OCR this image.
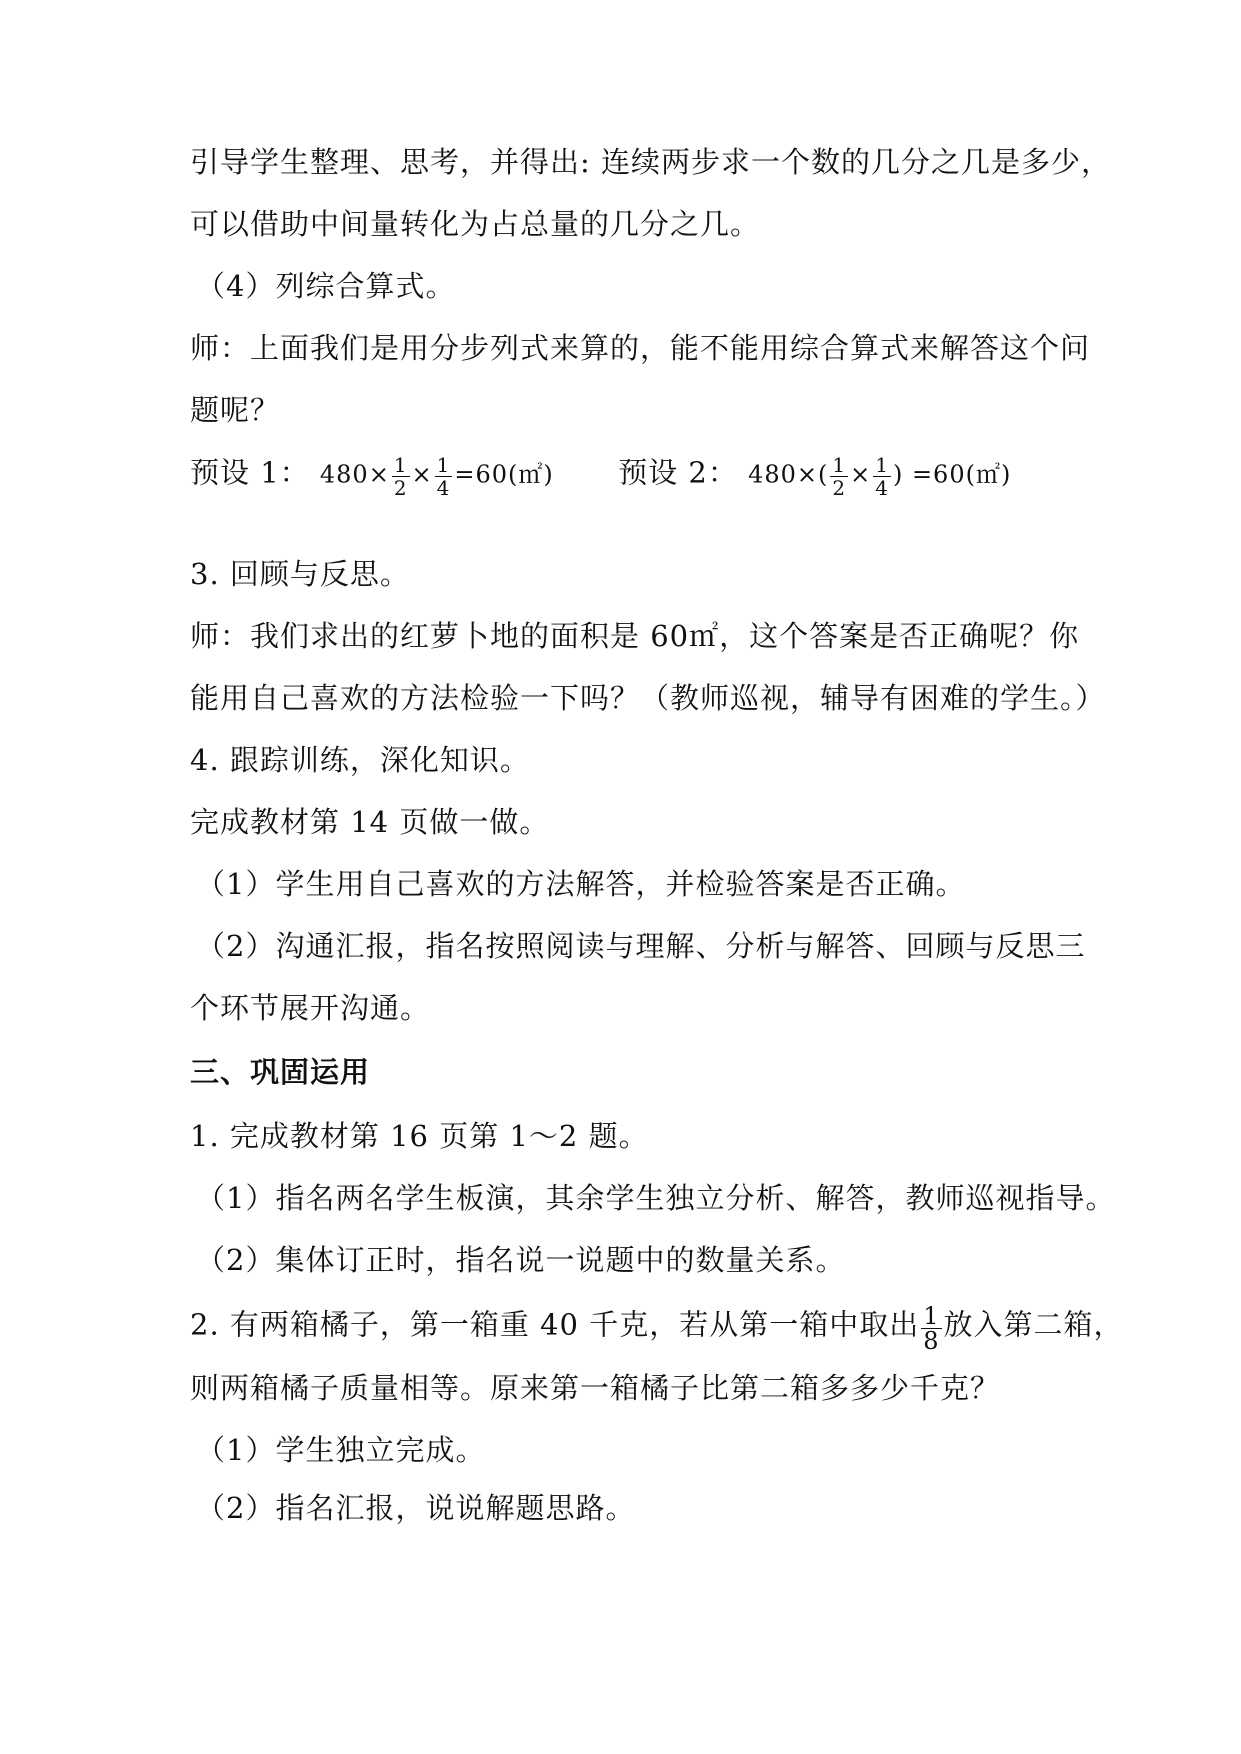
引导学生整理、思考，并得出: 连续两步求一个数的几分之几是多少，
可以借助中间量转化为占总量的几分之几。
（4）列综合算式。
师：上面我们是用分步列式来算的，能不能用综合算式来解答这个问
题呢？
预设 1： $480\times \frac{1}{2} \times \frac{1}{4}$ =60(㎡) 预设 2： $480\times( \frac{1}{2} \times \frac{1}{4}$ ) =60(㎡)
3. 回顾与反思。
师：我们求出的红萝卜地的面积是 60㎡，这个答案是否正确呢？你
能用自己喜欢的方法检验一下吗？（教师巡视，辅导有困难的学生。）
4. 跟踪训练，深化知识。
完成教材第 14 页做一做。
（1）学生用自己喜欢的方法解答，并检验答案是否正确。
（2）沟通汇报，指名按照阅读与理解、分析与解答、回顾与反思三
个环节展开沟通。
三、巩固运用
1. 完成教材第 16 页第 1～2 题。
（1）指名两名学生板演，其余学生独立分析、解答，教师巡视指导。
（2）集体订正时，指名说一说题中的数量关系。
2. 有两箱橘子，第一箱重 40 千克，若从第一箱中取出 $\frac{1}{8}$ 放入第二箱，
则两箱橘子质量相等。原来第一箱橘子比第二箱多多少千克？
（1）学生独立完成。
（2）指名汇报，说说解题思路。
